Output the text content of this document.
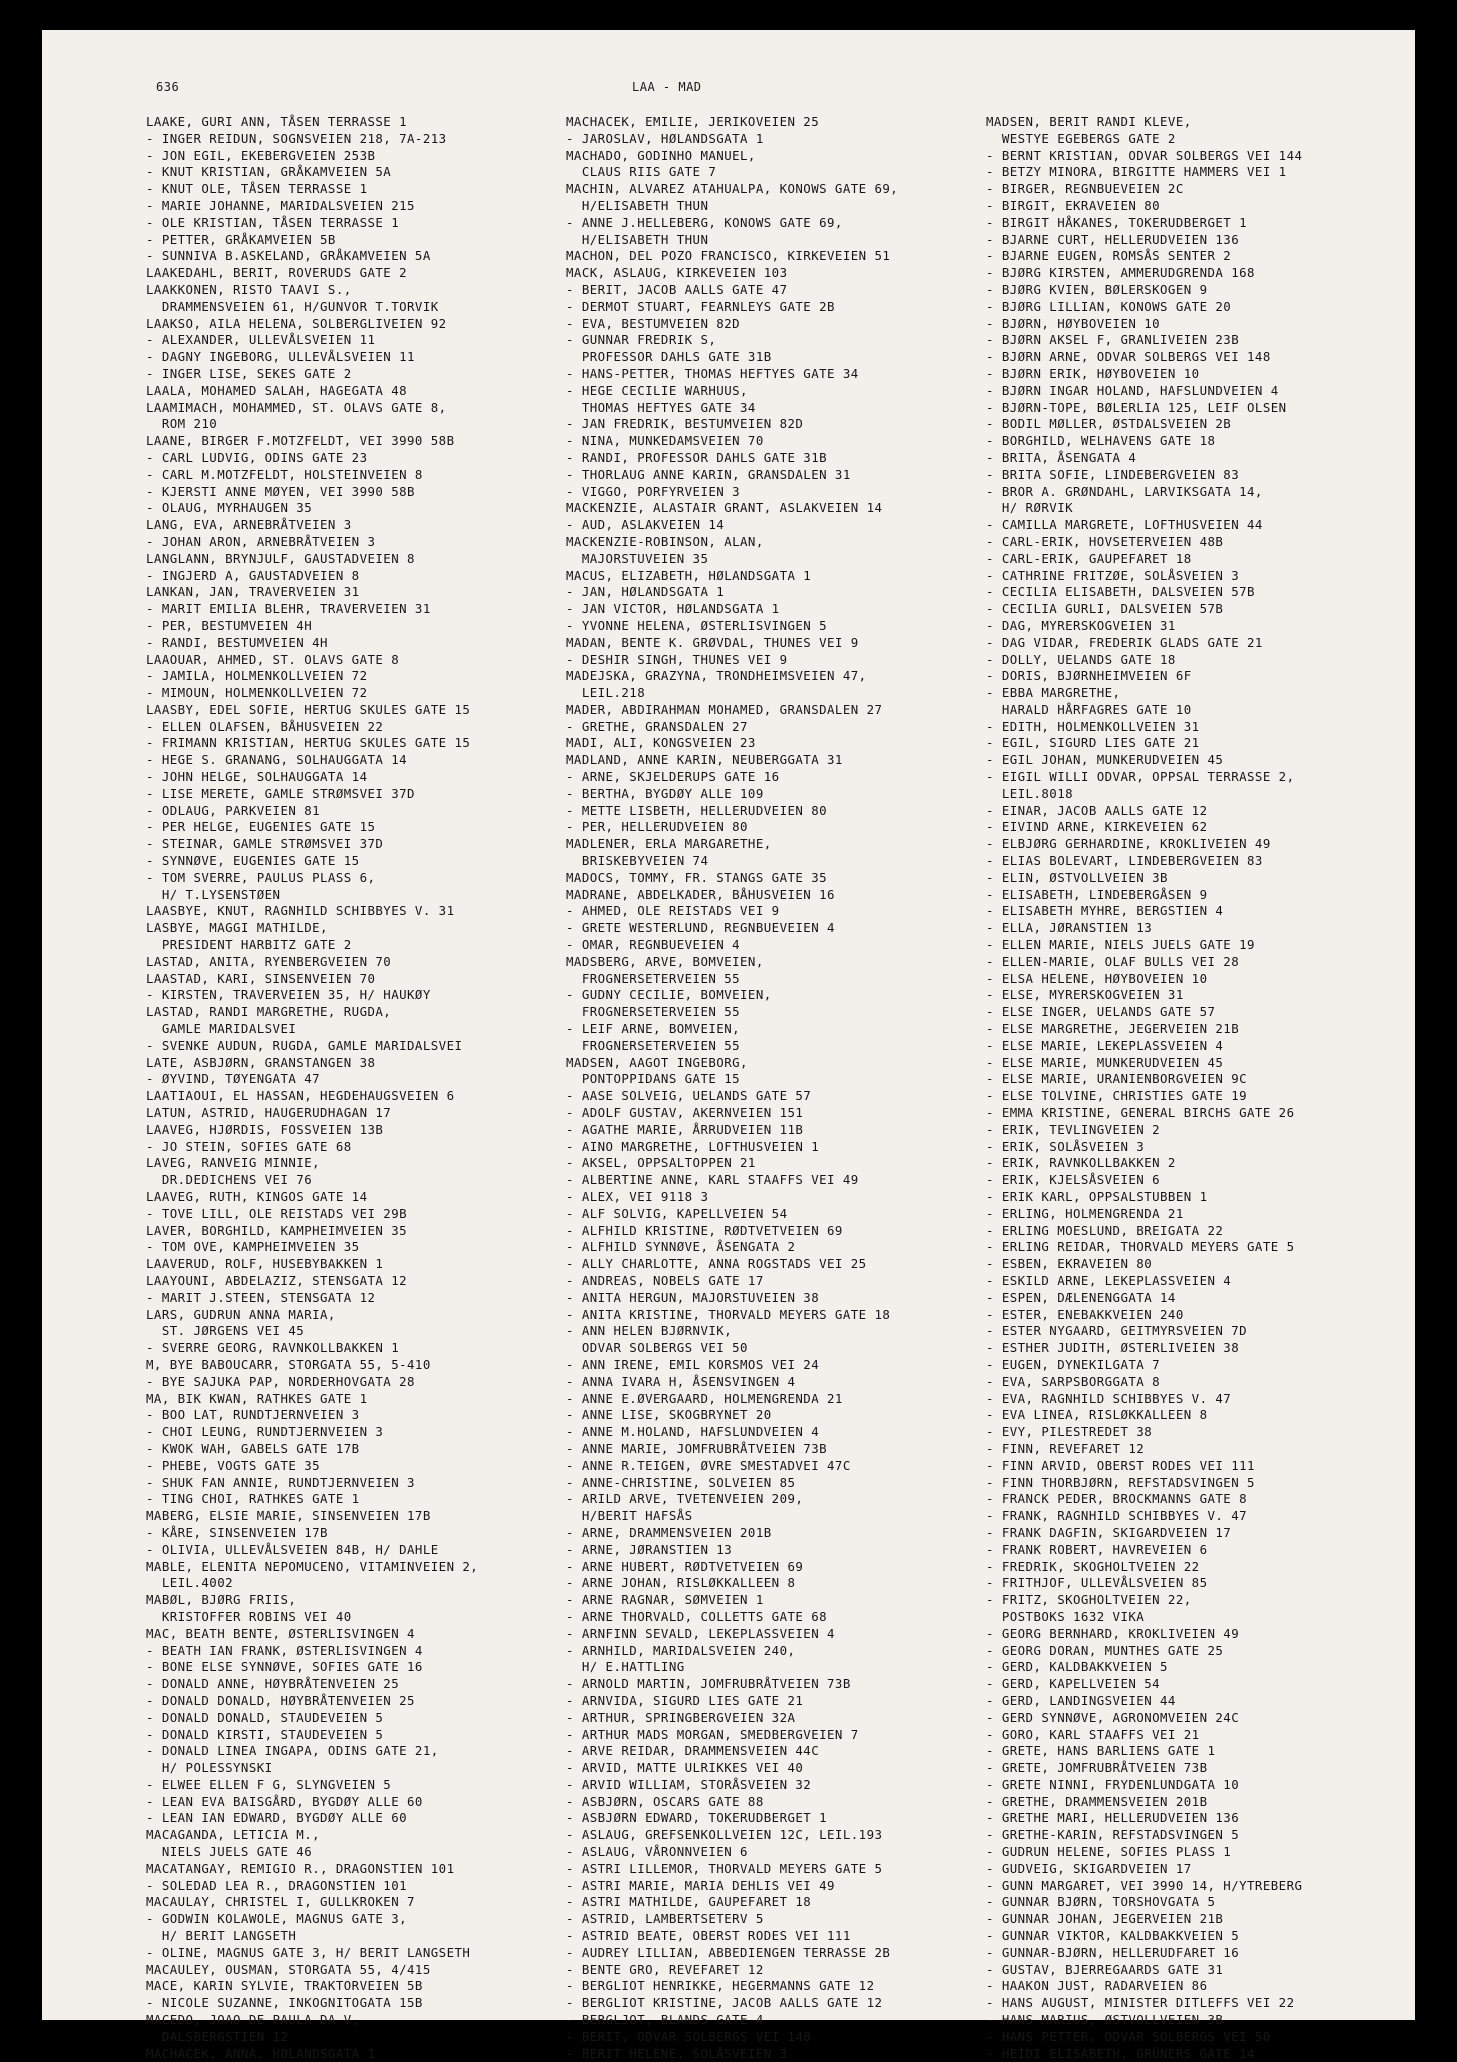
636	LAA - MAD
LAAKE, GURI ANN, TÅSEN TERRASSE 1
- INGER REIDUN, SOGNSVEIEN 218, 7A-213
- JON EGIL, EKEBERGVEIEN 253B
- KNUT KRISTIAN, GRÅKAMVEIEN 5A
- KNUT OLE, TÅSEN TERRASSE 1
- MARIE JOHANNE, MARIDALSVEIEN 215
- OLE KRISTIAN, TÅSEN TERRASSE 1
- PETTER, GRÅKAMVEIEN 5B
- SUNNIVA B.ASKELAND, GRÅKAMVEIEN 5A
LAAKEDAHL, BERIT, ROVERUDS GATE 2
LAAKKONEN, RISTO TAAVI S.,
DRAMMENSVEIEN 61, H/GUNVOR T.TORVIK
LAAKSO, AILA HELENA, SOLBERGLIVEIEN 92
- ALEXANDER, ULLEVÅLSVEIEN 11
- DAGNY INGEBORG, ULLEVÅLSVEIEN 11
- INGER LISE, SEKES GATE 2
LAALA, MOHAMED SALAH, HAGEGATA 48
LAAMIMACH, MOHAMMED, ST. OLAVS GATE 8,
ROM 210
LAANE, BIRGER F.MOTZFELDT, VEI 3990 58B
- CARL LUDVIG, ODINS GATE 23
- CARL M.MOTZFELDT, HOLSTEINVEIEN 8
- KJERSTI ANNE MØYEN, VEI 3990 58B
- OLAUG, MYRHAUGEN 35
LANG, EVA, ARNEBRÅTVEIEN 3
- JOHAN ARON, ARNEBRÅTVEIEN 3
LANGLANN, BRYNJULF, GAUSTADVEIEN 8
- INGJERD A, GAUSTADVEIEN 8
LANKAN, JAN, TRAVERVEIEN 31
- MARIT EMILIA BLEHR, TRAVERVEIEN 31
- PER, BESTUMVEIEN 4H
- RANDI, BESTUMVEIEN 4H
LAAOUAR, AHMED, ST. OLAVS GATE 8
- JAMILA, HOLMENKOLLVEIEN 72
- MIMOUN, HOLMENKOLLVEIEN 72
LAASBY, EDEL SOFIE, HERTUG SKULES GATE 15
- ELLEN OLAFSEN, BÅHUSVEIEN 22
- FRIMANN KRISTIAN, HERTUG SKULES GATE 15
- HEGE S. GRANANG, SOLHAUGGATA 14
- JOHN HELGE, SOLHAUGGATA 14
- LISE MERETE, GAMLE STRØMSVEI 37D
- ODLAUG, PARKVEIEN 81
- PER HELGE, EUGENIES GATE 15
- STEINAR, GAMLE STRØMSVEI 37D
- SYNNØVE, EUGENIES GATE 15
- TOM SVERRE, PAULUS PLASS 6,
H/ T.LYSENSTØEN
LAASBYE, KNUT, RAGNHILD SCHIBBYES V. 31
LASBYE, MAGGI MATHILDE,
PRESIDENT HARBITZ GATE 2
LASTAD, ANITA, RYENBERGVEIEN 70
LAASTAD, KARI, SINSENVEIEN 70
- KIRSTEN, TRAVERVEIEN 35, H/ HAUKØY
LASTAD, RANDI MARGRETHE, RUGDA,
GAMLE MARIDALSVEI
- SVENKE AUDUN, RUGDA, GAMLE MARIDALSVEI
LATE, ASBJØRN, GRANSTANGEN 38
- ØYVIND, TØYENGATA 47
LAATIAOUI, EL HASSAN, HEGDEHAUGSVEIEN 6
LATUN, ASTRID, HAUGERUDHAGAN 17
LAAVEG, HJØRDIS, FOSSVEIEN 13B
- JO STEIN, SOFIES GATE 68
LAVEG, RANVEIG MINNIE,
DR.DEDICHENS VEI 76
LAAVEG, RUTH, KINGOS GATE 14
- TOVE LILL, OLE REISTADS VEI 29B
LAVER, BORGHILD, KAMPHEIMVEIEN 35
- TOM OVE, KAMPHEIMVEIEN 35
LAAVERUD, ROLF, HUSEBYBAKKEN 1
LAAYOUNI, ABDELAZIZ, STENSGATA 12
- MARIT J.STEEN, STENSGATA 12
LARS, GUDRUN ANNA MARIA,
ST. JØRGENS VEI 45
- SVERRE GEORG, RAVNKOLLBAKKEN 1
M, BYE BABOUCARR, STORGATA 55, 5-410
- BYE SAJUKA PAP, NORDERHOVGATA 28
MA, BIK KWAN, RATHKES GATE 1
- BOO LAT, RUNDTJERNVEIEN 3
- CHOI LEUNG, RUNDTJERNVEIEN 3
- KWOK WAH, GABELS GATE 17B
- PHEBE, VOGTS GATE 35
- SHUK FAN ANNIE, RUNDTJERNVEIEN 3
- TING CHOI, RATHKES GATE 1
MABERG, ELSIE MARIE, SINSENVEIEN 17B
- KÅRE, SINSENVEIEN 17B
- OLIVIA, ULLEVÅLSVEIEN 84B, H/ DAHLE
MABLE, ELENITA NEPOMUCENO, VITAMINVEIEN 2,
LEIL.4002
MABØL, BJØRG FRIIS,
KRISTOFFER ROBINS VEI 40
MAC, BEATH BENTE, ØSTERLISVINGEN 4
- BEATH IAN FRANK, ØSTERLISVINGEN 4
- BONE ELSE SYNNØVE, SOFIES GATE 16
- DONALD ANNE, HØYBRÅTENVEIEN 25
- DONALD DONALD, HØYBRÅTENVEIEN 25
- DONALD DONALD, STAUDEVEIEN 5
- DONALD KIRSTI, STAUDEVEIEN 5
- DONALD LINEA INGAPA, ODINS GATE 21,
H/ POLESSYNSKI
- ELWEE ELLEN F G, SLYNGVEIEN 5
- LEAN EVA BAISGÅRD, BYGDØY ALLE 60
- LEAN IAN EDWARD, BYGDØY ALLE 60
MACAGANDA, LETICIA M.,
NIELS JUELS GATE 46
MACATANGAY, REMIGIO R., DRAGONSTIEN 101
- SOLEDAD LEA R., DRAGONSTIEN 101
MACAULAY, CHRISTEL I, GULLKROKEN 7
- GODWIN KOLAWOLE, MAGNUS GATE 3,
H/ BERIT LANGSETH
- OLINE, MAGNUS GATE 3, H/ BERIT LANGSETH
MACAULEY, OUSMAN, STORGATA 55, 4/415
MACE, KARIN SYLVIE, TRAKTORVEIEN 5B
- NICOLE SUZANNE, INKOGNITOGATA 15B
MACEDO, JOAO DE PAULA DA V,
DALSBERGSTIEN 12
MACHACEK, ANNA, HØLANDSGATA 1
MACHACEK, EMILIE, JERIKOVEIEN 25
- JAROSLAV, HØLANDSGATA 1
MACHADO, GODINHO MANUEL,
CLAUS RIIS GATE 7
MACHIN, ALVAREZ ATAHUALPA, KONOWS GATE 69,
H/ELISABETH THUN
- ANNE J.HELLEBERG, KONOWS GATE 69,
H/ELISABETH THUN
MACHON, DEL POZO FRANCISCO, KIRKEVEIEN 51
MACK, ASLAUG, KIRKEVEIEN 103
- BERIT, JACOB AALLS GATE 47
- DERMOT STUART, FEARNLEYS GATE 2B
- EVA, BESTUMVEIEN 82D
- GUNNAR FREDRIK S,
PROFESSOR DAHLS GATE 31B
- HANS-PETTER, THOMAS HEFTYES GATE 34
- HEGE CECILIE WARHUUS,
THOMAS HEFTYES GATE 34
- JAN FREDRIK, BESTUMVEIEN 82D
- NINA, MUNKEDAMSVEIEN 70
- RANDI, PROFESSOR DAHLS GATE 31B
- THORLAUG ANNE KARIN, GRANSDALEN 31
- VIGGO, PORFYRVEIEN 3
MACKENZIE, ALASTAIR GRANT, ASLAKVEIEN 14
- AUD, ASLAKVEIEN 14
MACKENZIE-ROBINSON, ALAN,
MAJORSTUVEIEN 35
MACUS, ELIZABETH, HØLANDSGATA 1
- JAN, HØLANDSGATA 1
- JAN VICTOR, HØLANDSGATA 1
- YVONNE HELENA, ØSTERLISVINGEN 5
MADAN, BENTE K. GRØVDAL, THUNES VEI 9
- DESHIR SINGH, THUNES VEI 9
MADEJSKA, GRAZYNA, TRONDHEIMSVEIEN 47,
LEIL.218
MADER, ABDIRAHMAN MOHAMED, GRANSDALEN 27
- GRETHE, GRANSDALEN 27
MADI, ALI, KONGSVEIEN 23
MADLAND, ANNE KARIN, NEUBERGGATA 31
- ARNE, SKJELDERUPS GATE 16
- BERTHA, BYGDØY ALLE 109
- METTE LISBETH, HELLERUDVEIEN 80
- PER, HELLERUDVEIEN 80
MADLENER, ERLA MARGARETHE,
BRISKEBYVEIEN 74
MADOCS, TOMMY, FR. STANGS GATE 35
MADRANE, ABDELKADER, BÅHUSVEIEN 16
- AHMED, OLE REISTADS VEI 9
- GRETE WESTERLUND, REGNBUEVEIEN 4
- OMAR, REGNBUEVEIEN 4
MADSBERG, ARVE, BOMVEIEN,
FROGNERSETERVEIEN 55
- GUDNY CECILIE, BOMVEIEN,
FROGNERSETERVEIEN 55
- LEIF ARNE, BOMVEIEN,
FROGNERSETERVEIEN 55
MADSEN, AAGOT INGEBORG,
PONTOPPIDANS GATE 15
- AASE SOLVEIG, UELANDS GATE 57
- ADOLF GUSTAV, AKERNVEIEN 151
- AGATHE MARIE, ÅRRUDVEIEN 11B
- AINO MARGRETHE, LOFTHUSVEIEN 1
- AKSEL, OPPSALTOPPEN 21
- ALBERTINE ANNE, KARL STAAFFS VEI 49
- ALEX, VEI 9118 3
- ALF SOLVIG, KAPELLVEIEN 54
- ALFHILD KRISTINE, RØDTVETVEIEN 69
- ALFHILD SYNNØVE, ÅSENGATA 2
- ALLY CHARLOTTE, ANNA ROGSTADS VEI 25
- ANDREAS, NOBELS GATE 17
- ANITA HERGUN, MAJORSTUVEIEN 38
- ANITA KRISTINE, THORVALD MEYERS GATE 18
- ANN HELEN BJØRNVIK,
ODVAR SOLBERGS VEI 50
- ANN IRENE, EMIL KORSMOS VEI 24
- ANNA IVARA H, ÅSENSVINGEN 4
- ANNE E.ØVERGAARD, HOLMENGRENDA 21
- ANNE LISE, SKOGBRYNET 20
- ANNE M.HOLAND, HAFSLUNDVEIEN 4
- ANNE MARIE, JOMFRUBRÅTVEIEN 73B
- ANNE R.TEIGEN, ØVRE SMESTADVEI 47C
- ANNE-CHRISTINE, SOLVEIEN 85
- ARILD ARVE, TVETENVEIEN 209,
H/BERIT HAFSÅS
- ARNE, DRAMMENSVEIEN 201B
- ARNE, JØRANSTIEN 13
- ARNE HUBERT, RØDTVETVEIEN 69
- ARNE JOHAN, RISLØKKALLEEN 8
- ARNE RAGNAR, SØMVEIEN 1
- ARNE THORVALD, COLLETTS GATE 68
- ARNFINN SEVALD, LEKEPLASSVEIEN 4
- ARNHILD, MARIDALSVEIEN 240,
H/ E.HATTLING
- ARNOLD MARTIN, JOMFRUBRÅTVEIEN 73B
- ARNVIDA, SIGURD LIES GATE 21
- ARTHUR, SPRINGBERGVEIEN 32A
- ARTHUR MADS MORGAN, SMEDBERGVEIEN 7
- ARVE REIDAR, DRAMMENSVEIEN 44C
- ARVID, MATTE ULRIKKES VEI 40
- ARVID WILLIAM, STORÅSVEIEN 32
- ASBJØRN, OSCARS GATE 88
- ASBJØRN EDWARD, TOKERUDBERGET 1
- ASLAUG, GREFSENKOLLVEIEN 12C, LEIL.193
- ASLAUG, VÅRONNVEIEN 6
- ASTRI LILLEMOR, THORVALD MEYERS GATE 5
- ASTRI MARIE, MARIA DEHLIS VEI 49
- ASTRI MATHILDE, GAUPEFARET 18
- ASTRID, LAMBERTSETERV 5
- ASTRID BEATE, OBERST RODES VEI 111
- AUDREY LILLIAN, ABBEDIENGEN TERRASSE 2B
- BENTE GRO, REVEFARET 12
- BERGLIOT HENRIKKE, HEGERMANNS GATE 12
- BERGLIOT KRISTINE, JACOB AALLS GATE 12
- BERGLJOT, BLANDS GATE 4
- BERIT, ODVAR SOLBERGS VEI 148
- BERIT HELENE, SOLÅSVEIEN 3
MADSEN, BERIT RANDI KLEVE,
WESTYE EGEBERGS GATE 2
- BERNT KRISTIAN, ODVAR SOLBERGS VEI 144
- BETZY MINORA, BIRGITTE HAMMERS VEI 1
- BIRGER, REGNBUEVEIEN 2C
- BIRGIT, EKRAVEIEN 80
- BIRGIT HÅKANES, TOKERUDBERGET 1
- BJARNE CURT, HELLERUDVEIEN 136
- BJARNE EUGEN, ROMSÅS SENTER 2
- BJØRG KIRSTEN, AMMERUDGRENDA 168
- BJØRG KVIEN, BØLERSKOGEN 9
- BJØRG LILLIAN, KONOWS GATE 20
- BJØRN, HØYBOVEIEN 10
- BJØRN AKSEL F, GRANLIVEIEN 23B
- BJØRN ARNE, ODVAR SOLBERGS VEI 148
- BJØRN ERIK, HØYBOVEIEN 10
- BJØRN INGAR HOLAND, HAFSLUNDVEIEN 4
- BJØRN-TOPE, BØLERLIA 125, LEIF OLSEN
- BODIL MØLLER, ØSTDALSVEIEN 2B
- BORGHILD, WELHAVENS GATE 18
- BRITA, ÅSENGATA 4
- BRITA SOFIE, LINDEBERGVEIEN 83
- BROR A. GRØNDAHL, LARVIKSGATA 14,
H/ RØRVIK
- CAMILLA MARGRETE, LOFTHUSVEIEN 44
- CARL-ERIK, HOVSETERVEIEN 48B
- CARL-ERIK, GAUPEFARET 18
- CATHRINE FRITZØE, SOLÅSVEIEN 3
- CECILIA ELISABETH, DALSVEIEN 57B
- CECILIA GURLI, DALSVEIEN 57B
- DAG, MYRERSKOGVEIEN 31
- DAG VIDAR, FREDERIK GLADS GATE 21
- DOLLY, UELANDS GATE 18
- DORIS, BJØRNHEIMVEIEN 6F
- EBBA MARGRETHE,
HARALD HÅRFAGRES GATE 10
- EDITH, HOLMENKOLLVEIEN 31
- EGIL, SIGURD LIES GATE 21
- EGIL JOHAN, MUNKERUDVEIEN 45
- EIGIL WILLI ODVAR, OPPSAL TERRASSE 2,
LEIL.8018
- EINAR, JACOB AALLS GATE 12
- EIVIND ARNE, KIRKEVEIEN 62
- ELBJØRG GERHARDINE, KROKLIVEIEN 49
- ELIAS BOLEVART, LINDEBERGVEIEN 83
- ELIN, ØSTVOLLVEIEN 3B
- ELISABETH, LINDEBERGÅSEN 9
- ELISABETH MYHRE, BERGSTIEN 4
- ELLA, JØRANSTIEN 13
- ELLEN MARIE, NIELS JUELS GATE 19
- ELLEN-MARIE, OLAF BULLS VEI 28
- ELSA HELENE, HØYBOVEIEN 10
- ELSE, MYRERSKOGVEIEN 31
- ELSE INGER, UELANDS GATE 57
- ELSE MARGRETHE, JEGERVEIEN 21B
- ELSE MARIE, LEKEPLASSVEIEN 4
- ELSE MARIE, MUNKERUDVEIEN 45
- ELSE MARIE, URANIENBORGVEIEN 9C
- ELSE TOLVINE, CHRISTIES GATE 19
- EMMA KRISTINE, GENERAL BIRCHS GATE 26
- ERIK, TEVLINGVEIEN 2
- ERIK, SOLÅSVEIEN 3
- ERIK, RAVNKOLLBAKKEN 2
- ERIK, KJELSÅSVEIEN 6
- ERIK KARL, OPPSALSTUBBEN 1
- ERLING, HOLMENGRENDA 21
- ERLING MOESLUND, BREIGATA 22
- ERLING REIDAR, THORVALD MEYERS GATE 5
- ESBEN, EKRAVEIEN 80
- ESKILD ARNE, LEKEPLASSVEIEN 4
- ESPEN, DÆLENENGGATA 14
- ESTER, ENEBAKKVEIEN 240
- ESTER NYGAARD, GEITMYRSVEIEN 7D
- ESTHER JUDITH, ØSTERLIVEIEN 38
- EUGEN, DYNEKILGATA 7
- EVA, SARPSBORGGATA 8
- EVA, RAGNHILD SCHIBBYES V. 47
- EVA LINEA, RISLØKKALLEEN 8
- EVY, PILESTREDET 38
- FINN, REVEFARET 12
- FINN ARVID, OBERST RODES VEI 111
- FINN THORBJØRN, REFSTADSVINGEN 5
- FRANCK PEDER, BROCKMANNS GATE 8
- FRANK, RAGNHILD SCHIBBYES V. 47
- FRANK DAGFIN, SKIGARDVEIEN 17
- FRANK ROBERT, HAVREVEIEN 6
- FREDRIK, SKOGHOLTVEIEN 22
- FRITHJOF, ULLEVÅLSVEIEN 85
- FRITZ, SKOGHOLTVEIEN 22,
POSTBOKS 1632 VIKA
- GEORG BERNHARD, KROKLIVEIEN 49
- GEORG DORAN, MUNTHES GATE 25
- GERD, KALDBAKKVEIEN 5
- GERD, KAPELLVEIEN 54
- GERD, LANDINGSVEIEN 44
- GERD SYNNØVE, AGRONOMVEIEN 24C
- GORO, KARL STAAFFS VEI 21
- GRETE, HANS BARLIENS GATE 1
- GRETE, JOMFRUBRÅTVEIEN 73B
- GRETE NINNI, FRYDENLUNDGATA 10
- GRETHE, DRAMMENSVEIEN 201B
- GRETHE MARI, HELLERUDVEIEN 136
- GRETHE-KARIN, REFSTADSVINGEN 5
- GUDRUN HELENE, SOFIES PLASS 1
- GUDVEIG, SKIGARDVEIEN 17
- GUNN MARGARET, VEI 3990 14, H/YTREBERG
- GUNNAR BJØRN, TORSHOVGATA 5
- GUNNAR JOHAN, JEGERVEIEN 21B
- GUNNAR VIKTOR, KALDBAKKVEIEN 5
- GUNNAR-BJØRN, HELLERUDFARET 16
- GUSTAV, BJERREGAARDS GATE 31
- HAAKON JUST, RADARVEIEN 86
- HANS AUGUST, MINISTER DITLEFFS VEI 22
- HANS MARIUS, ØSTVOLLVEIEN 3B
- HANS PETTER, ODVAR SOLBERGS VEI 50
- HEIDI ELISABETH, GRÜNERS GATE 14
